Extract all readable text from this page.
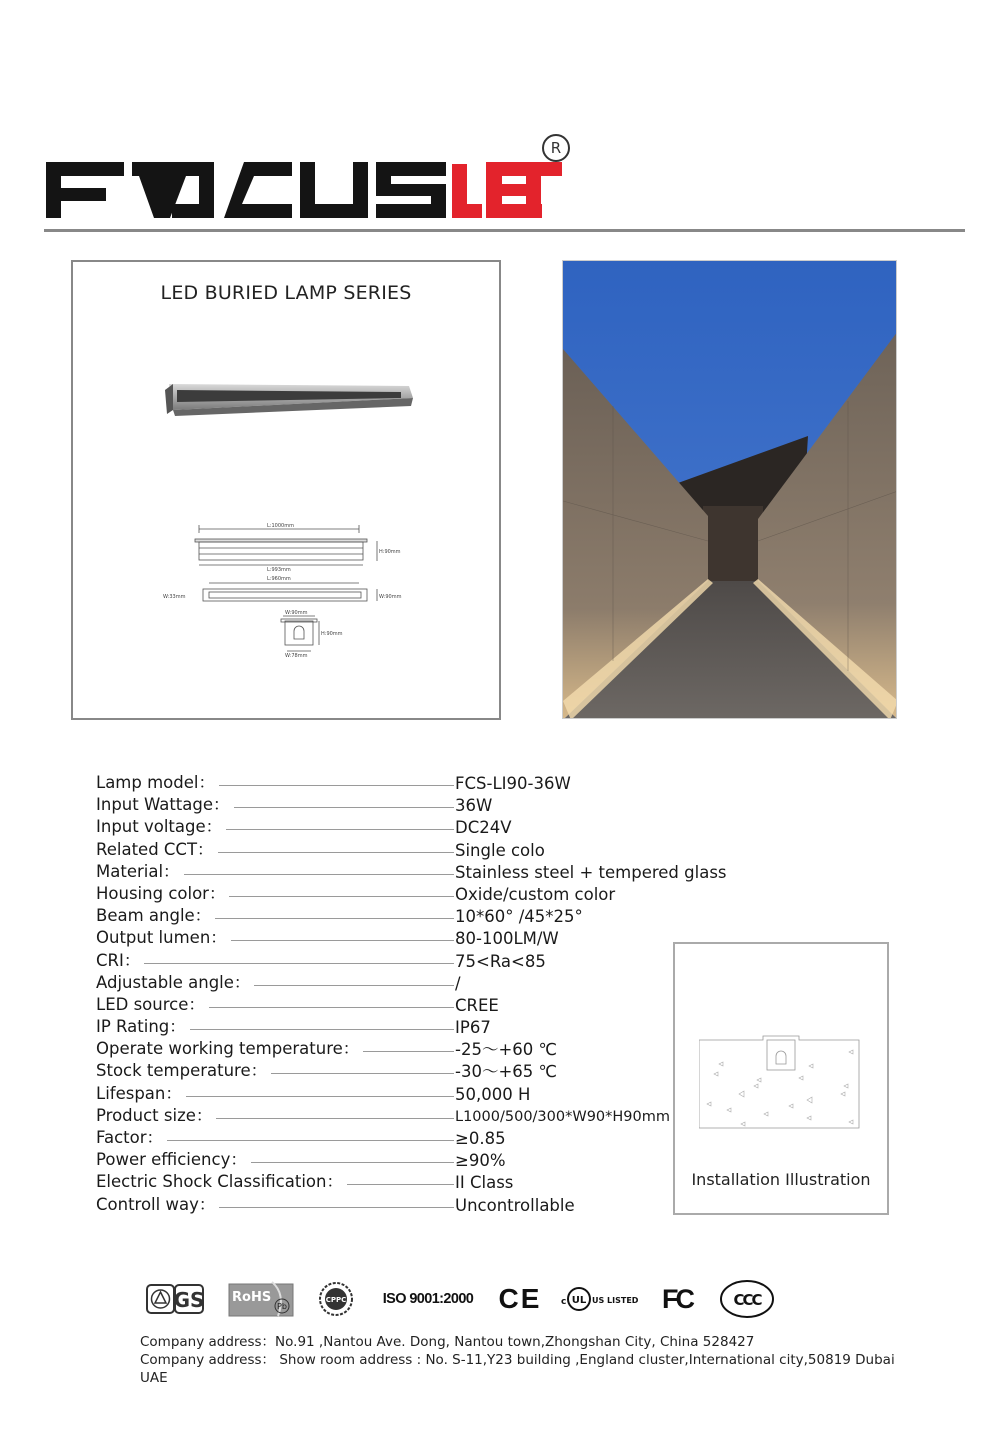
R
LED BURIED LAMP SERIES
L:1000mm
H:90mm
L:993mm
L:960mm
W:33mm	W:90mm
W:90mm
H:90mm
W:78mm
Lamp model：	FCS-LI90-36W
Input Wattage：	36W
Input voltage：	DC24V
Related CCT：	Single colo
Material：	Stainless steel + tempered glass
Housing color：	Oxide/custom color
Beam angle：	10*60° /45*25°
Output lumen：	80-100LM/W
CRI：	75<Ra<85
Adjustable angle：	/
LED source：	CREE
IP Rating：	IP67
Operate working temperature：	-25～+60 ℃
Stock temperature：	-30～+65 ℃
Lifespan：	50,000 H
Product size：	L1000/500/300*W90*H90mm
Factor：	≥0.85
Power efficiency：	≥90%
Electric Shock Classification：	II Class
Controll way：	Uncontrollable
Installation Illustration
GS RoHS
Pb
CPPC	ISO 9001:2000 CE c UL US LISTED FC	CCC
Company address：No.91 ,Nantou Ave. Dong, Nantou town,Zhongshan City, China 528427
Company address： Show room address : No. S-11,Y23 building ,England cluster,International city,50819 Dubai UAE
